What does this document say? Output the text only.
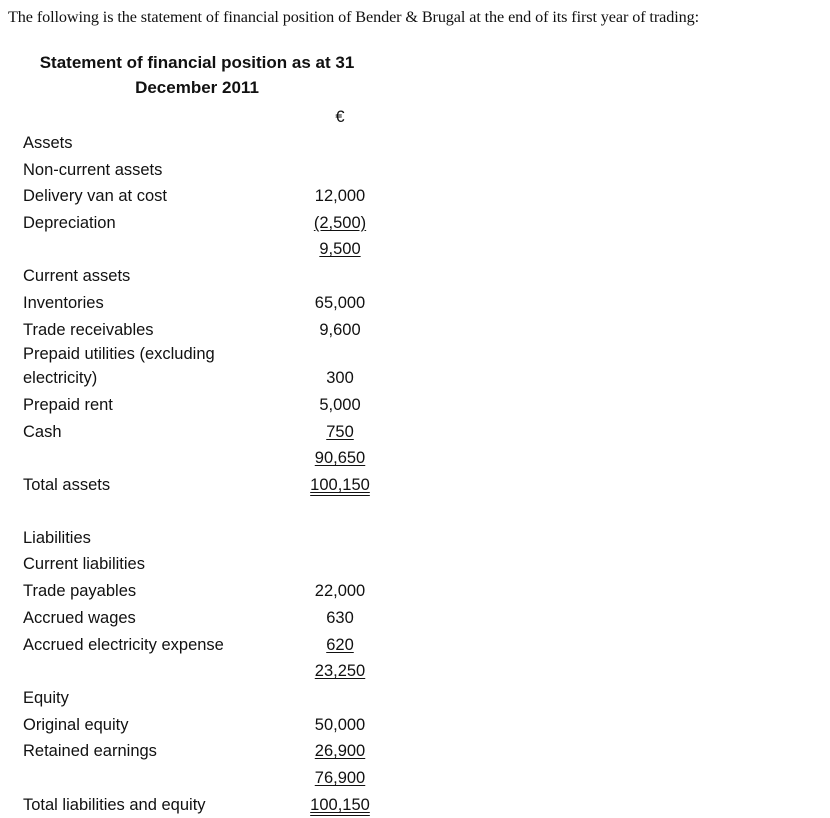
The following is the statement of financial position of Bender & Brugal at the end of its first year of trading:
Statement of financial position as at 31
December 2011
€
Assets
Non-current assets
Delivery van at cost	12,000
Depreciation	(2,500)
9,500
Current assets
Inventories	65,000
Trade receivables	9,600
Prepaid utilities (excluding
electricity)	300
Prepaid rent	5,000
Cash	750
90,650
Total assets	100,150
Liabilities
Current liabilities
Trade payables	22,000
Accrued wages	630
Accrued electricity expense	620
23,250
Equity
Original equity	50,000
Retained earnings	26,900
76,900
Total liabilities and equity	100,150
